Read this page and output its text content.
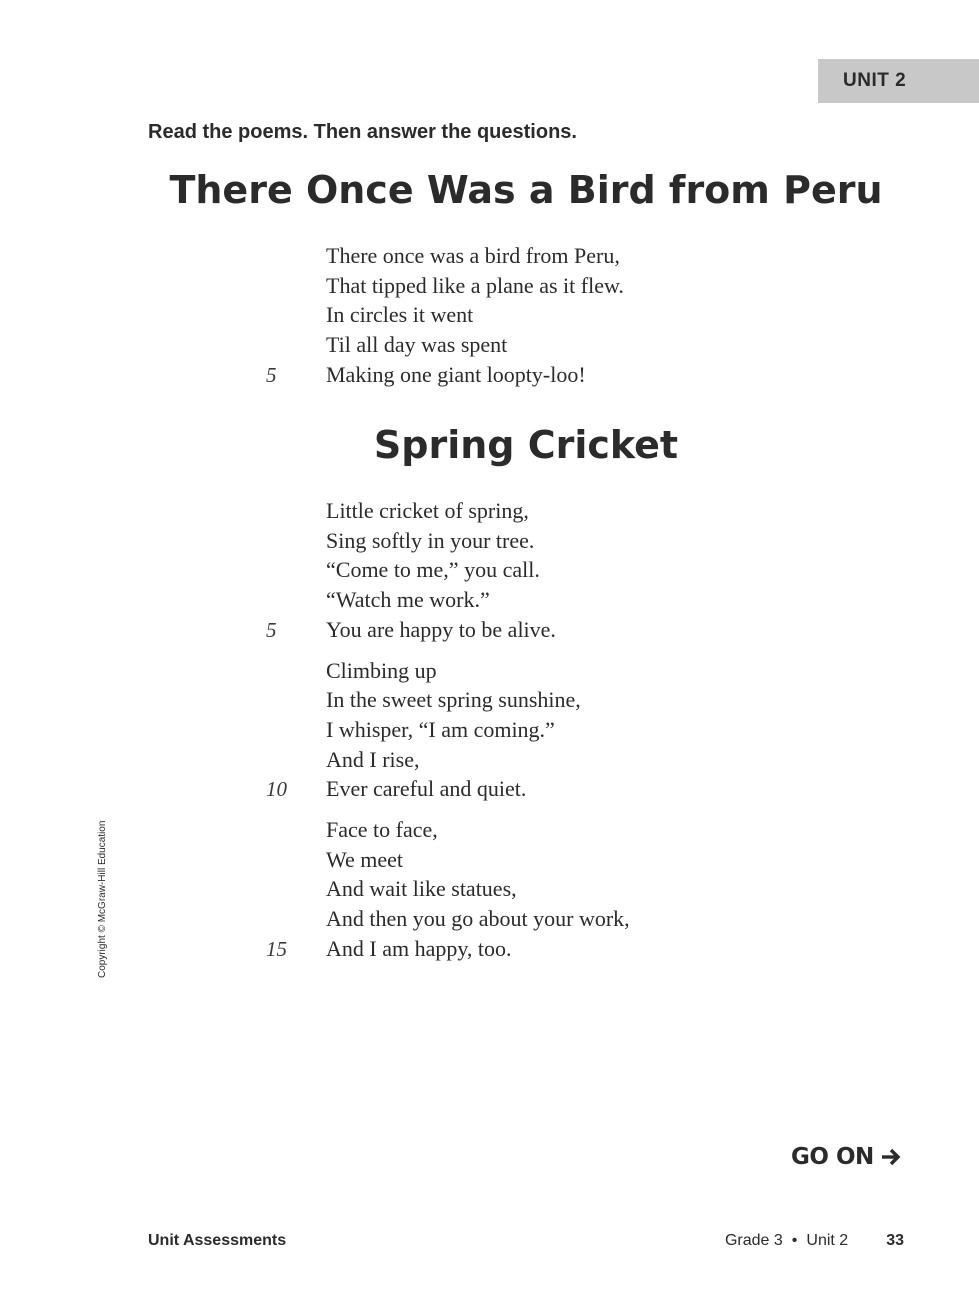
UNIT 2
Read the poems. Then answer the questions.
There Once Was a Bird from Peru
There once was a bird from Peru,
That tipped like a plane as it flew.
In circles it went
Til all day was spent
5 Making one giant loopty-loo!
Spring Cricket
Little cricket of spring,
Sing softly in your tree.
“Come to me,” you call.
“Watch me work.”
5 You are happy to be alive.
Climbing up
In the sweet spring sunshine,
I whisper, “I am coming.”
And I rise,
10 Ever careful and quiet.
Face to face,
We meet
And wait like statues,
And then you go about your work,
15 And I am happy, too.
Copyright © McGraw-Hill Education
GO ON
Unit Assessments	Grade 3 • Unit 2 33
